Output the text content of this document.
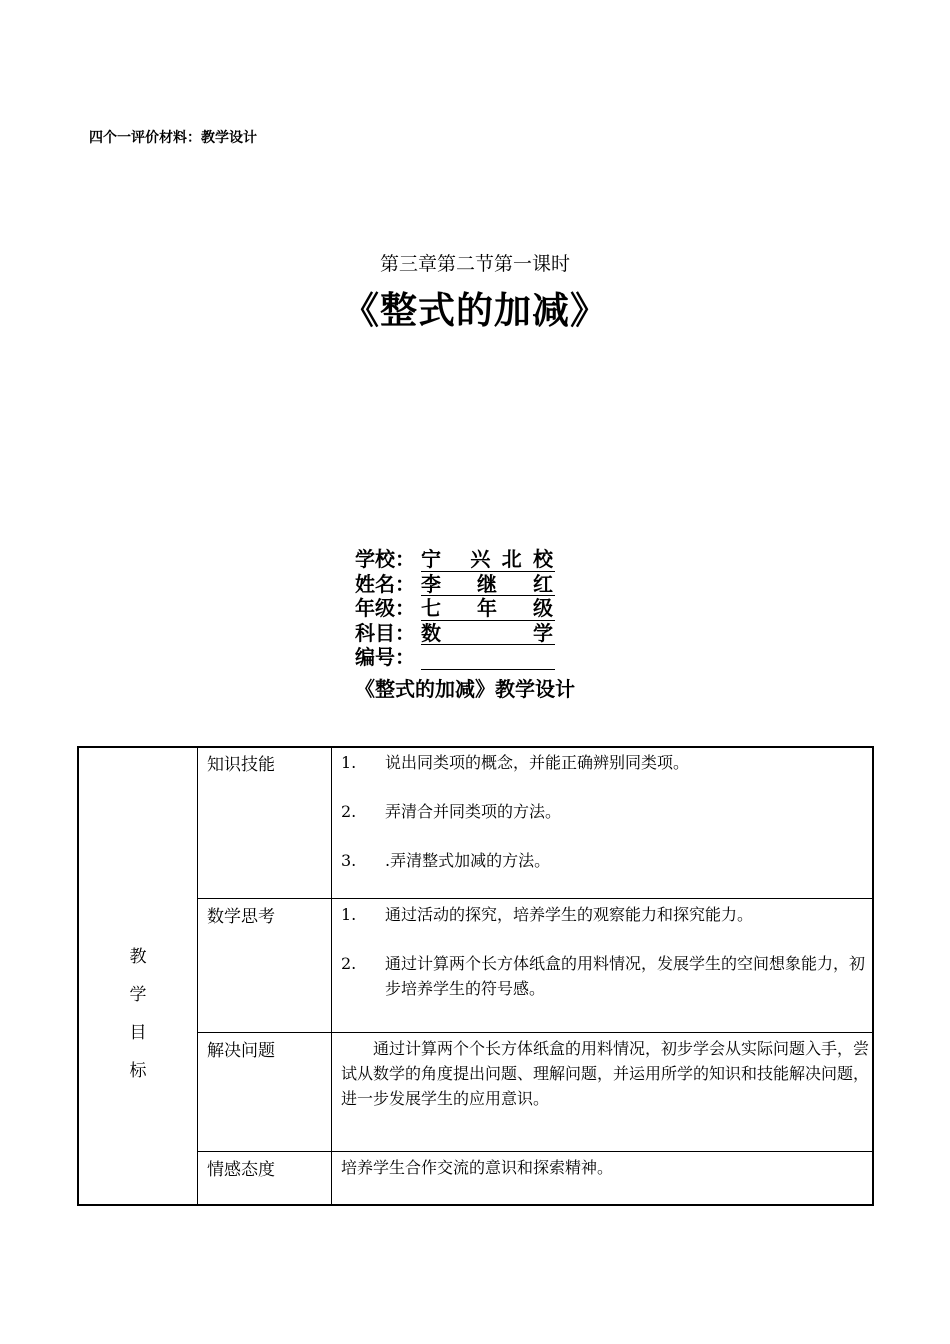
四个一评价材料：教学设计
第三章第二节第一课时
《整式的加减》
学校： 宁 兴 北 校
姓名： 李 继 红
年级： 七 年 级
科目： 数	学
编号：
《整式的加减》教学设计
教
学
目
标
知识技能	1.	说出同类项的概念，并能正确辨别同类项。
2.	弄清合并同类项的方法。
3.	.弄清整式加减的方法。
数学思考	1.	通过活动的探究，培养学生的观察能力和探究能力。
2.	通过计算两个长方体纸盒的用料情况，发展学生的空间想象能力，初步培养学生的符号感。
解决问题	通过计算两个个长方体纸盒的用料情况，初步学会从实际问题入手，尝试从数学的角度提出问题、理解问题，并运用所学的知识和技能解决问题，进一步发展学生的应用意识。
情感态度	培养学生合作交流的意识和探索精神。
